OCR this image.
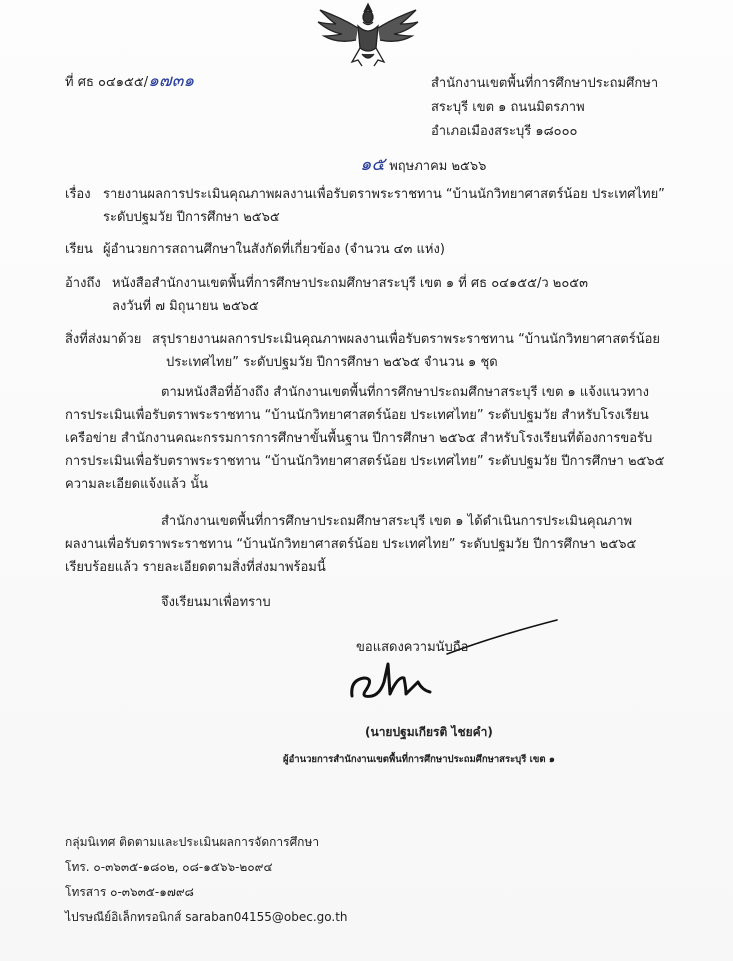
ที่ ศธ ๐๔๑๕๕/๑๗๓๑	สำนักงานเขตพื้นที่การศึกษาประถมศึกษา
สระบุรี เขต ๑ ถนนมิตรภาพ
อำเภอเมืองสระบุรี ๑๘๐๐๐
๑๕ พฤษภาคม ๒๕๖๖
เรื่อง รายงานผลการประเมินคุณภาพผลงานเพื่อรับตราพระราชทาน “บ้านนักวิทยาศาสตร์น้อย ประเทศไทย”
ระดับปฐมวัย ปีการศึกษา ๒๕๖๕
เรียน ผู้อำนวยการสถานศึกษาในสังกัดที่เกี่ยวข้อง (จำนวน ๔๓ แห่ง)
อ้างถึง หนังสือสำนักงานเขตพื้นที่การศึกษาประถมศึกษาสระบุรี เขต ๑ ที่ ศธ ๐๔๑๕๕/ว ๒๐๕๓
ลงวันที่ ๗ มิถุนายน ๒๕๖๕
สิ่งที่ส่งมาด้วย สรุปรายงานผลการประเมินคุณภาพผลงานเพื่อรับตราพระราชทาน “บ้านนักวิทยาศาสตร์น้อย
ประเทศไทย” ระดับปฐมวัย ปีการศึกษา ๒๕๖๕ จำนวน ๑ ชุด
ตามหนังสือที่อ้างถึง สำนักงานเขตพื้นที่การศึกษาประถมศึกษาสระบุรี เขต ๑ แจ้งแนวทาง
การประเมินเพื่อรับตราพระราชทาน “บ้านนักวิทยาศาสตร์น้อย ประเทศไทย” ระดับปฐมวัย สำหรับโรงเรียน
เครือข่าย สำนักงานคณะกรรมการการศึกษาขั้นพื้นฐาน ปีการศึกษา ๒๕๖๕ สำหรับโรงเรียนที่ต้องการขอรับ
การประเมินเพื่อรับตราพระราชทาน “บ้านนักวิทยาศาสตร์น้อย ประเทศไทย” ระดับปฐมวัย ปีการศึกษา ๒๕๖๕
ความละเอียดแจ้งแล้ว นั้น
สำนักงานเขตพื้นที่การศึกษาประถมศึกษาสระบุรี เขต ๑ ได้ดำเนินการประเมินคุณภาพ
ผลงานเพื่อรับตราพระราชทาน “บ้านนักวิทยาศาสตร์น้อย ประเทศไทย” ระดับปฐมวัย ปีการศึกษา ๒๕๖๕
เรียบร้อยแล้ว รายละเอียดตามสิ่งที่ส่งมาพร้อมนี้
จึงเรียนมาเพื่อทราบ
ขอแสดงความนับถือ
(นายปฐมเกียรติ ไชยคำ)
ผู้อำนวยการสำนักงานเขตพื้นที่การศึกษาประถมศึกษาสระบุรี เขต ๑
กลุ่มนิเทศ ติดตามและประเมินผลการจัดการศึกษา
โทร. ๐-๓๖๓๕-๑๘๐๒, ๐๘-๑๕๖๖-๒๐๙๔
โทรสาร ๐-๓๖๓๕-๑๗๙๘
ไปรษณีย์อิเล็กทรอนิกส์ saraban04155@obec.go.th
